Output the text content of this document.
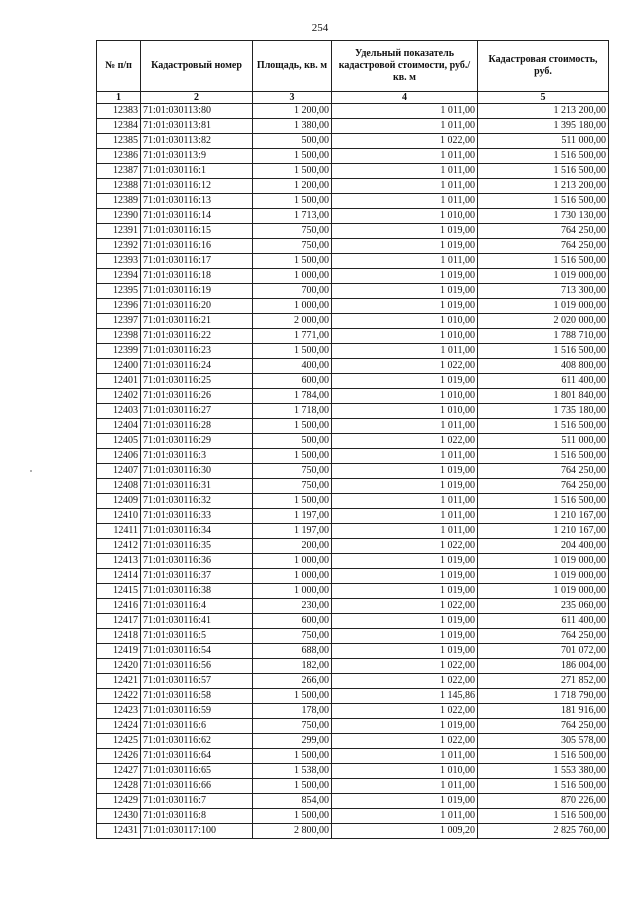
254
№ п/п	Кадастровый номер	Площадь, кв. м	Удельный показатель кадастровой стоимости, руб./кв. м	Кадастровая стоимость, руб.
1	2	3	4	5
12383	71:01:030113:80	1 200,00	1 011,00	1 213 200,00
12384	71:01:030113:81	1 380,00	1 011,00	1 395 180,00
12385	71:01:030113:82	500,00	1 022,00	511 000,00
12386	71:01:030113:9	1 500,00	1 011,00	1 516 500,00
12387	71:01:030116:1	1 500,00	1 011,00	1 516 500,00
12388	71:01:030116:12	1 200,00	1 011,00	1 213 200,00
12389	71:01:030116:13	1 500,00	1 011,00	1 516 500,00
12390	71:01:030116:14	1 713,00	1 010,00	1 730 130,00
12391	71:01:030116:15	750,00	1 019,00	764 250,00
12392	71:01:030116:16	750,00	1 019,00	764 250,00
12393	71:01:030116:17	1 500,00	1 011,00	1 516 500,00
12394	71:01:030116:18	1 000,00	1 019,00	1 019 000,00
12395	71:01:030116:19	700,00	1 019,00	713 300,00
12396	71:01:030116:20	1 000,00	1 019,00	1 019 000,00
12397	71:01:030116:21	2 000,00	1 010,00	2 020 000,00
12398	71:01:030116:22	1 771,00	1 010,00	1 788 710,00
12399	71:01:030116:23	1 500,00	1 011,00	1 516 500,00
12400	71:01:030116:24	400,00	1 022,00	408 800,00
12401	71:01:030116:25	600,00	1 019,00	611 400,00
12402	71:01:030116:26	1 784,00	1 010,00	1 801 840,00
12403	71:01:030116:27	1 718,00	1 010,00	1 735 180,00
12404	71:01:030116:28	1 500,00	1 011,00	1 516 500,00
12405	71:01:030116:29	500,00	1 022,00	511 000,00
12406	71:01:030116:3	1 500,00	1 011,00	1 516 500,00
12407	71:01:030116:30	750,00	1 019,00	764 250,00
12408	71:01:030116:31	750,00	1 019,00	764 250,00
12409	71:01:030116:32	1 500,00	1 011,00	1 516 500,00
12410	71:01:030116:33	1 197,00	1 011,00	1 210 167,00
12411	71:01:030116:34	1 197,00	1 011,00	1 210 167,00
12412	71:01:030116:35	200,00	1 022,00	204 400,00
12413	71:01:030116:36	1 000,00	1 019,00	1 019 000,00
12414	71:01:030116:37	1 000,00	1 019,00	1 019 000,00
12415	71:01:030116:38	1 000,00	1 019,00	1 019 000,00
12416	71:01:030116:4	230,00	1 022,00	235 060,00
12417	71:01:030116:41	600,00	1 019,00	611 400,00
12418	71:01:030116:5	750,00	1 019,00	764 250,00
12419	71:01:030116:54	688,00	1 019,00	701 072,00
12420	71:01:030116:56	182,00	1 022,00	186 004,00
12421	71:01:030116:57	266,00	1 022,00	271 852,00
12422	71:01:030116:58	1 500,00	1 145,86	1 718 790,00
12423	71:01:030116:59	178,00	1 022,00	181 916,00
12424	71:01:030116:6	750,00	1 019,00	764 250,00
12425	71:01:030116:62	299,00	1 022,00	305 578,00
12426	71:01:030116:64	1 500,00	1 011,00	1 516 500,00
12427	71:01:030116:65	1 538,00	1 010,00	1 553 380,00
12428	71:01:030116:66	1 500,00	1 011,00	1 516 500,00
12429	71:01:030116:7	854,00	1 019,00	870 226,00
12430	71:01:030116:8	1 500,00	1 011,00	1 516 500,00
12431	71:01:030117:100	2 800,00	1 009,20	2 825 760,00
